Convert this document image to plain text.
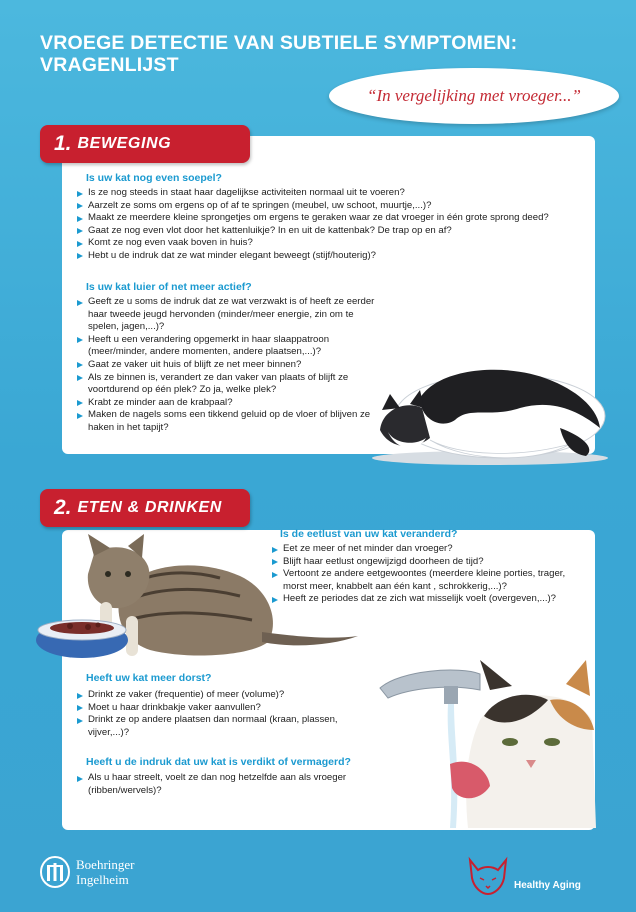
VROEGE DETECTIE VAN SUBTIELE SYMPTOMEN: VRAGENLIJST
“In vergelijking met vroeger...”
1. BEWEGING

Is uw kat nog even soepel?

Is ze nog steeds in staat haar dagelijkse activiteiten normaal uit te voeren?
Aarzelt ze soms om ergens op of af te springen (meubel, uw schoot, muurtje,...)?
Maakt ze meerdere kleine sprongetjes om ergens te geraken waar ze dat vroeger in één grote sprong deed?
Gaat ze nog even vlot door het kattenluikje? In en uit de kattenbak? De trap op en af?
Komt ze nog even vaak boven in huis?
Hebt u de indruk dat ze wat minder elegant beweegt (stijf/houterig)?

Is uw kat luier of net meer actief?

Geeft ze u soms de indruk dat ze wat verzwakt is of heeft ze eerder haar tweede jeugd hervonden (minder/meer energie, zin om te spelen, jagen,...)?
Heeft u een verandering opgemerkt in haar slaappatroon (meer/minder, andere momenten, andere plaatsen,...)?
Gaat ze vaker uit huis of blijft ze net meer binnen?
Als ze binnen is, verandert ze dan vaker van plaats of blijft ze voortdurend op één plek? Zo ja, welke plek?
Krabt ze minder aan de krabpaal?
Maken de nagels soms een tikkend geluid op de vloer of blijven ze haken in het tapijt?
2. ETEN & DRINKEN

Is de eetlust van uw kat veranderd?

Eet ze meer of net minder dan vroeger?
Blijft haar eetlust ongewijzigd doorheen de tijd?
Vertoont ze andere eetgewoontes (meerdere kleine porties, trager, morst meer, knabbelt aan één kant , schrokkerig,...)?
Heeft ze periodes dat ze zich wat misselijk voelt (overgeven,...)?

Heeft uw kat meer dorst?

Drinkt ze vaker (frequentie) of meer (volume)?
Moet u haar drinkbakje vaker aanvullen?
Drinkt ze op andere plaatsen dan normaal (kraan, plassen, vijver,...)?

Heeft u de indruk dat uw kat is verdikt of vermagerd?

Als u haar streelt, voelt ze dan nog hetzelfde aan als vroeger (ribben/wervels)?
Boehringer
Ingelheim	Healthy Aging
